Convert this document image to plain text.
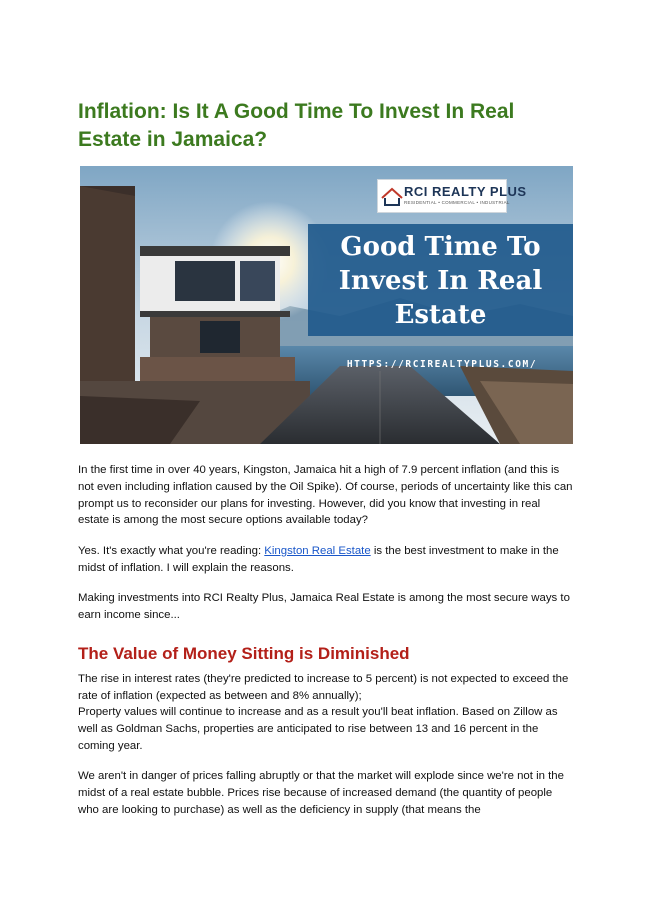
Inflation: Is It A Good Time To Invest In Real Estate in Jamaica?
RCI REALTY PLUS
RESIDENTIAL • COMMERCIAL • INDUSTRIAL
Good Time To
Invest In Real
Estate
HTTPS://RCIREALTYPLUS.COM/

In the first time in over 40 years, Kingston, Jamaica hit a high of 7.9 percent inflation (and this is not even including inflation caused by the Oil Spike). Of course, periods of uncertainty like this can prompt us to reconsider our plans for investing. However, did you know that investing in real estate is among the most secure options available today?

Yes. It's exactly what you're reading: Kingston Real Estate is the best investment to make in the midst of inflation. I will explain the reasons.

Making investments into RCI Realty Plus, Jamaica Real Estate is among the most secure ways to earn income since...

The Value of Money Sitting is Diminished

The rise in interest rates (they're predicted to increase to 5 percent) is not expected to exceed the rate of inflation (expected as between and 8% annually);

Property values will continue to increase and as a result you'll beat inflation. Based on Zillow as well as Goldman Sachs, properties are anticipated to rise between 13 and 16 percent in the coming year.

We aren't in danger of prices falling abruptly or that the market will explode since we're not in the midst of a real estate bubble. Prices rise because of increased demand (the quantity of people who are looking to purchase) as well as the deficiency in supply (that means the
